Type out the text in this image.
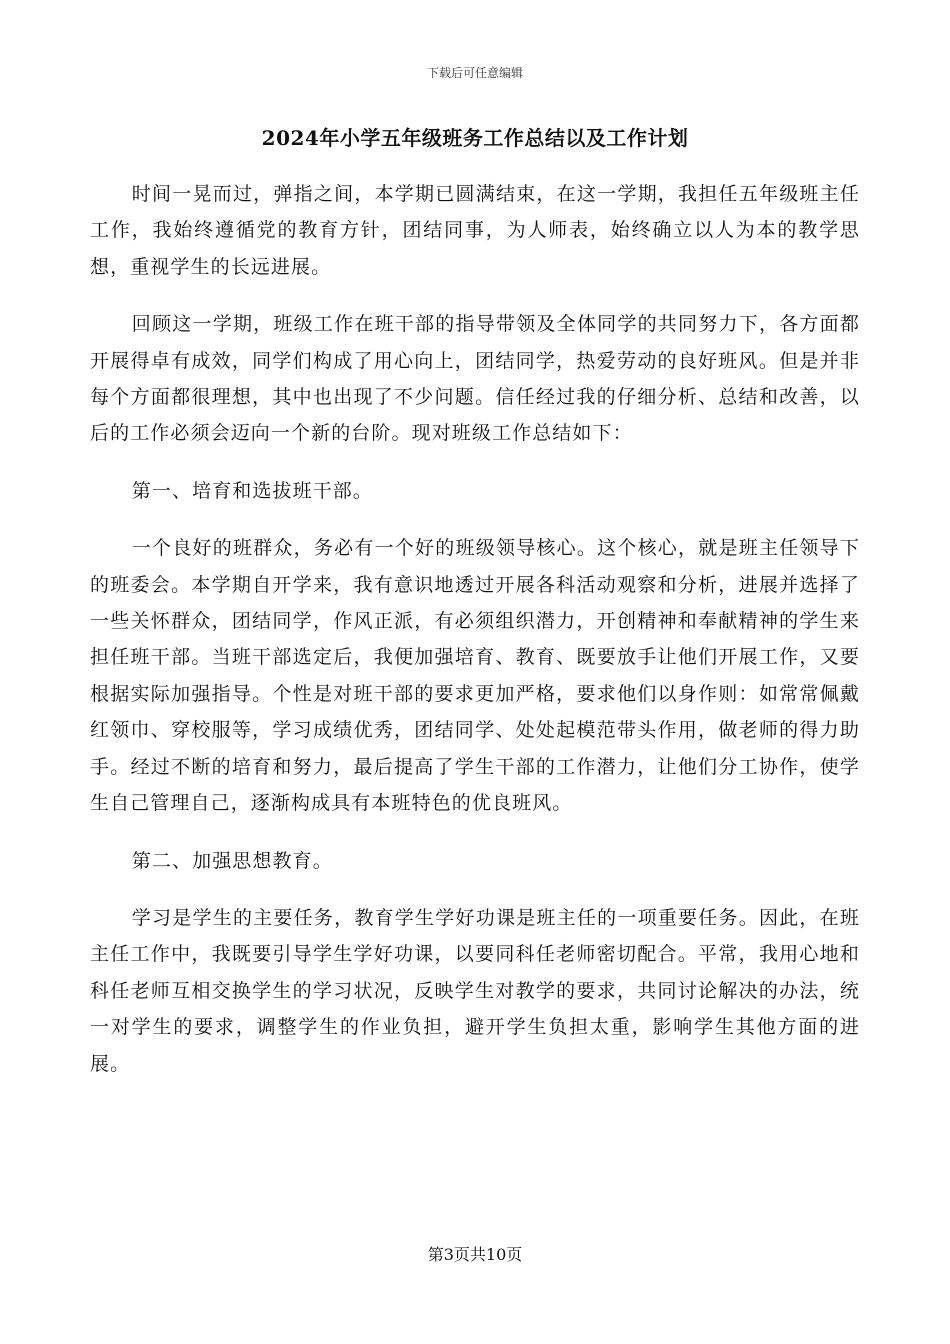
下载后可任意编辑
2024年小学五年级班务工作总结以及工作计划

时间一晃而过，弹指之间，本学期已圆满结束，在这一学期，我担任五年级班主任工作，我始终遵循党的教育方针，团结同事，为人师表，始终确立以人为本的教学思想，重视学生的长远进展。

回顾这一学期，班级工作在班干部的指导带领及全体同学的共同努力下，各方面都开展得卓有成效，同学们构成了用心向上，团结同学，热爱劳动的良好班风。但是并非每个方面都很理想，其中也出现了不少问题。信任经过我的仔细分析、总结和改善，以后的工作必须会迈向一个新的台阶。现对班级工作总结如下：

第一、培育和选拔班干部。

一个良好的班群众，务必有一个好的班级领导核心。这个核心，就是班主任领导下的班委会。本学期自开学来，我有意识地透过开展各科活动观察和分析，进展并选择了一些关怀群众，团结同学，作风正派，有必须组织潜力，开创精神和奉献精神的学生来担任班干部。当班干部选定后，我便加强培育、教育、既要放手让他们开展工作，又要根据实际加强指导。个性是对班干部的要求更加严格，要求他们以身作则：如常常佩戴红领巾、穿校服等，学习成绩优秀，团结同学、处处起模范带头作用，做老师的得力助手。经过不断的培育和努力，最后提高了学生干部的工作潜力，让他们分工协作，使学生自己管理自己，逐渐构成具有本班特色的优良班风。

第二、加强思想教育。

学习是学生的主要任务，教育学生学好功课是班主任的一项重要任务。因此，在班主任工作中，我既要引导学生学好功课，以要同科任老师密切配合。平常，我用心地和科任老师互相交换学生的学习状况，反映学生对教学的要求，共同讨论解决的办法，统一对学生的要求，调整学生的作业负担，避开学生负担太重，影响学生其他方面的进展。

第3页共10页
